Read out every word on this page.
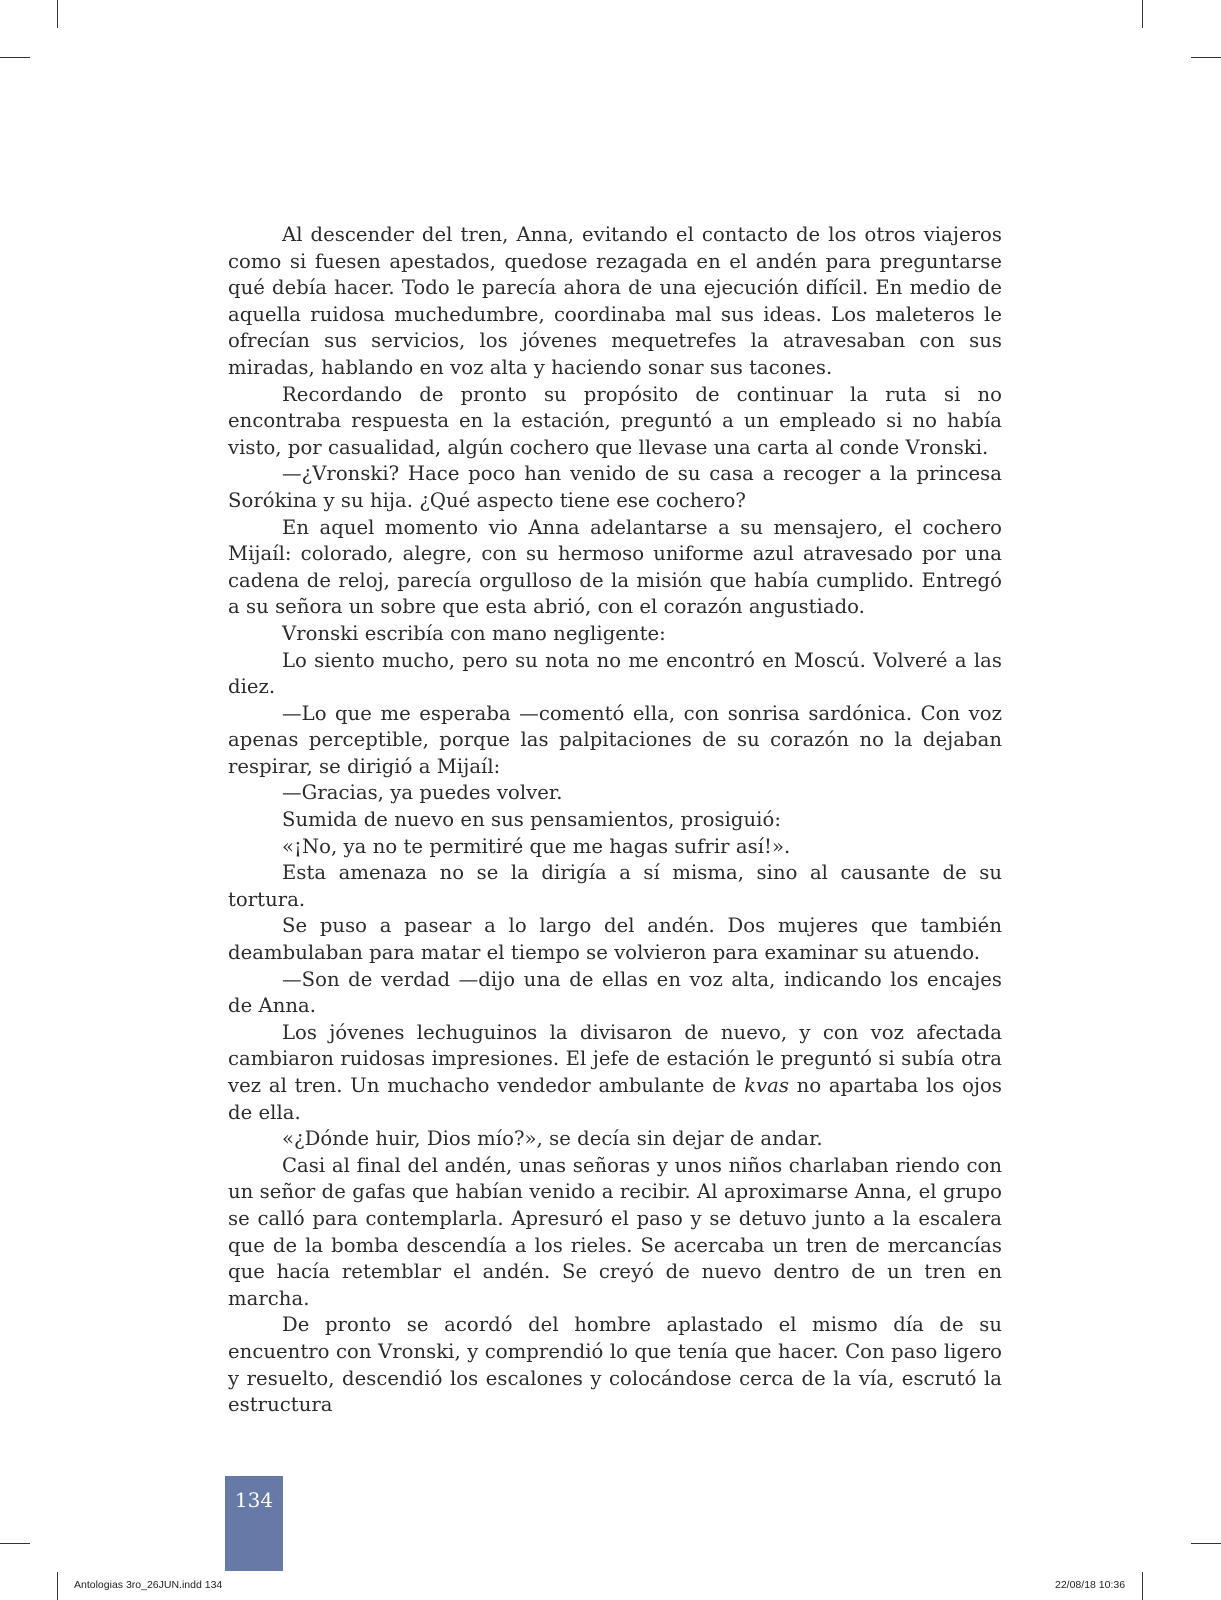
Al descender del tren, Anna, evitando el contacto de los otros viajeros como si fuesen apestados, quedose rezagada en el andén para preguntarse qué debía hacer. Todo le parecía ahora de una ejecución difícil. En medio de aquella ruidosa muchedumbre, coordinaba mal sus ideas. Los maleteros le ofrecían sus servicios, los jóvenes mequetrefes la atravesaban con sus miradas, hablando en voz alta y haciendo sonar sus tacones.

Recordando de pronto su propósito de continuar la ruta si no encontraba respuesta en la estación, preguntó a un empleado si no había visto, por casualidad, algún cochero que llevase una carta al conde Vronski.

—¿Vronski? Hace poco han venido de su casa a recoger a la princesa Sorókina y su hija. ¿Qué aspecto tiene ese cochero?

En aquel momento vio Anna adelantarse a su mensajero, el cochero Mijaíl: colorado, alegre, con su hermoso uniforme azul atravesado por una cadena de reloj, parecía orgulloso de la misión que había cumplido. Entregó a su señora un sobre que esta abrió, con el corazón angustiado.

Vronski escribía con mano negligente:

Lo siento mucho, pero su nota no me encontró en Moscú. Volveré a las diez.

—Lo que me esperaba —comentó ella, con sonrisa sardónica. Con voz apenas perceptible, porque las palpitaciones de su corazón no la dejaban respirar, se dirigió a Mijaíl:

—Gracias, ya puedes volver.

Sumida de nuevo en sus pensamientos, prosiguió:

«¡No, ya no te permitiré que me hagas sufrir así!».

Esta amenaza no se la dirigía a sí misma, sino al causante de su tortura.

Se puso a pasear a lo largo del andén. Dos mujeres que también deambulaban para matar el tiempo se volvieron para examinar su atuendo.

—Son de verdad —dijo una de ellas en voz alta, indicando los encajes de Anna.

Los jóvenes lechuguinos la divisaron de nuevo, y con voz afectada cambiaron ruidosas impresiones. El jefe de estación le preguntó si subía otra vez al tren. Un muchacho vendedor ambulante de kvas no apartaba los ojos de ella.

«¿Dónde huir, Dios mío?», se decía sin dejar de andar.

Casi al final del andén, unas señoras y unos niños charlaban riendo con un señor de gafas que habían venido a recibir. Al aproximarse Anna, el grupo se calló para contemplarla. Apresuró el paso y se detuvo junto a la escalera que de la bomba descendía a los rieles. Se acercaba un tren de mercancías que hacía retemblar el andén. Se creyó de nuevo dentro de un tren en marcha.

De pronto se acordó del hombre aplastado el mismo día de su encuentro con Vronski, y comprendió lo que tenía que hacer. Con paso ligero y resuelto, descendió los escalones y colocándose cerca de la vía, escrutó la estructura

134
Antologias 3ro_26JUN.indd 134	22/08/18 10:36
